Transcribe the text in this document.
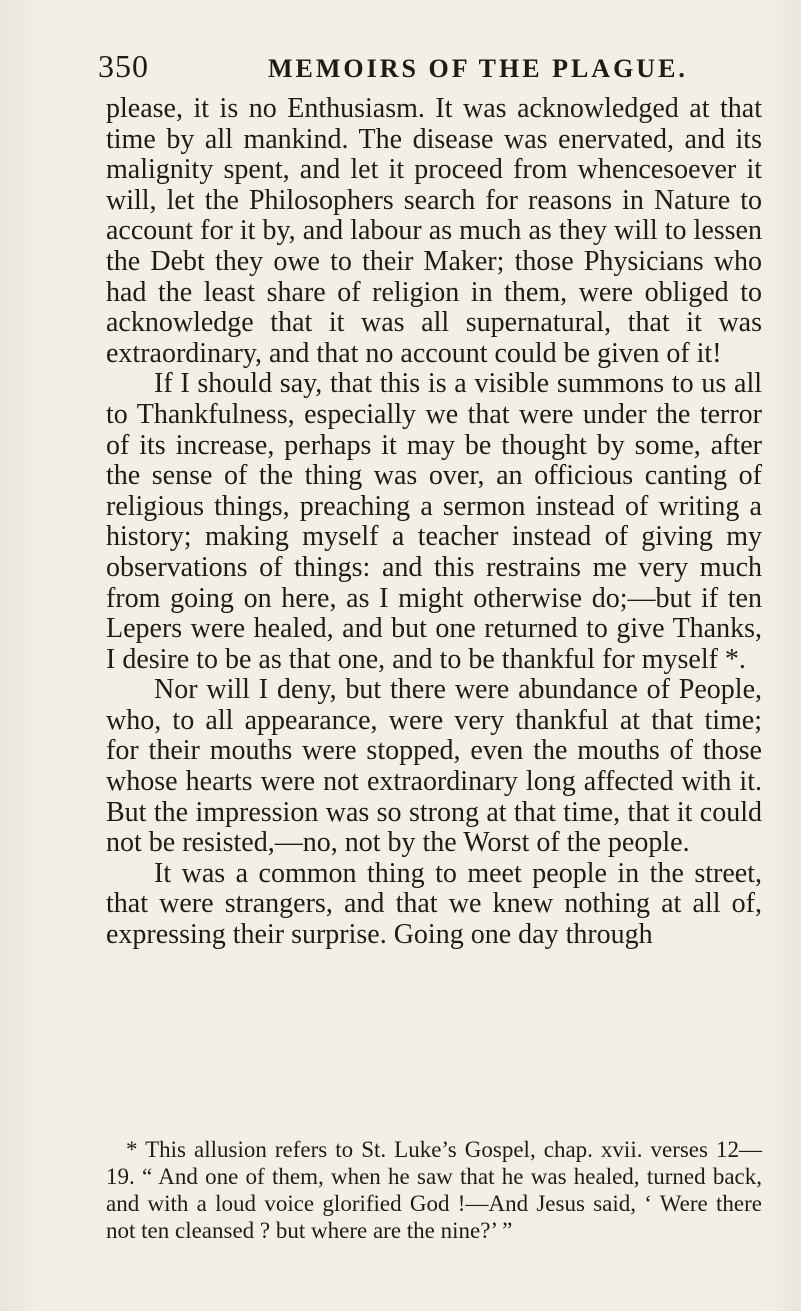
350	MEMOIRS OF THE PLAGUE.

please, it is no Enthusiasm. It was acknowledged at that time by all mankind. The disease was enervated, and its malignity spent, and let it proceed from whencesoever it will, let the Philosophers search for reasons in Nature to account for it by, and labour as much as they will to lessen the Debt they owe to their Maker; those Physicians who had the least share of religion in them, were obliged to acknowledge that it was all supernatural, that it was extraordinary, and that no account could be given of it!

If I should say, that this is a visible summons to us all to Thankfulness, especially we that were under the terror of its increase, perhaps it may be thought by some, after the sense of the thing was over, an officious canting of religious things, preaching a sermon instead of writing a history; making myself a teacher instead of giving my observations of things: and this restrains me very much from going on here, as I might otherwise do;—but if ten Lepers were healed, and but one returned to give Thanks, I desire to be as that one, and to be thankful for myself *.

Nor will I deny, but there were abundance of People, who, to all appearance, were very thankful at that time; for their mouths were stopped, even the mouths of those whose hearts were not extraordinary long affected with it. But the impression was so strong at that time, that it could not be resisted,—no, not by the Worst of the people.

It was a common thing to meet people in the street, that were strangers, and that we knew nothing at all of, expressing their surprise. Going one day through

* This allusion refers to St. Luke’s Gospel, chap. xvii. verses 12—19. “ And one of them, when he saw that he was healed, turned back, and with a loud voice glorified God !—And Jesus said, ‘ Were there not ten cleansed ? but where are the nine?’ ”
